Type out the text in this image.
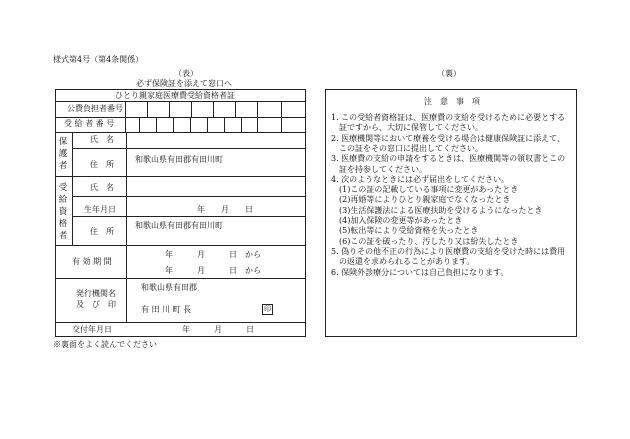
様式第4号（第4条関係）
（表）
必ず保険証を添えて窓口へ
（裏）
ひとり親家庭医療費受給資格者証
公費負担者番号
受 給 者 番 号
保護者
氏　名
住　所
和歌山県有田郡有田川町
受給資格者
氏　名
生年月日	年　　月　　日
住　所
和歌山県有田郡有田川町
有 効 期 間
年　　　月　　　日　から
年　　　月　　　日　から
発行機関名
及　び　印
和歌山県有田郡
有 田 川 町 長	印
交付年月日	年　　　月　　　日
※裏面をよく読んでください
注　意　事　項
1. この受給者資格証は、医療費の支給を受けるために必要とする
　証ですから、大切に保管してください。
2. 医療機関等において療養を受ける場合は健康保険証に添えて、
　この証をその窓口に提出してください。
3. 医療費の支給の申請をするときは、医療機関等の領収書とこの
　証を持参してください。
4. 次のようなときには必ず届出をしてください。
　(1)この証の記載している事項に変更があったとき
　(2)再婚等によりひとり親家庭でなくなったとき
　(3)生活保護法による医療扶助を受けるようになったとき
　(4)加入保険の変更等があったとき
　(5)転出等により受給資格を失ったとき
　(6)この証を破ったり、汚したり又は紛失したとき
5. 偽りその他不正の行為により医療費の支給を受けた時には費用
　の返還を求められることがあります。
6. 保険外診療分については自己負担になります。
